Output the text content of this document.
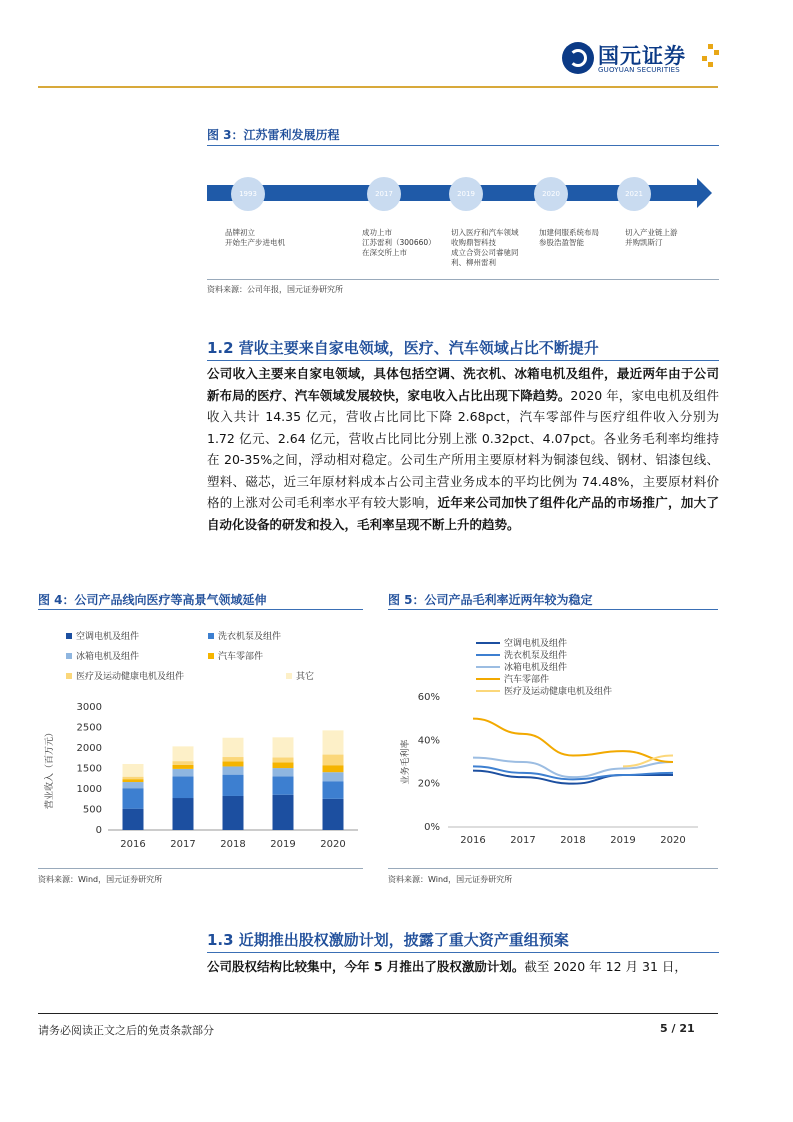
国元证券
GUOYUAN SECURITIES
图 3：江苏雷利发展历程
1993	2017	2019	2020	2021
品牌初立
开始生产步进电机
成功上市
江苏雷利（300660）
在深交所上市
切入医疗和汽车领域
收购鼎智科技
成立合资公司睿驰同
利、柳州雷利
加建伺服系统布局
参股浩盈智能
切入产业链上游
并购凯斯汀
资料来源：公司年报，国元证券研究所
1.2 营收主要来自家电领域，医疗、汽车领域占比不断提升
公司收入主要来自家电领域，具体包括空调、洗衣机、冰箱电机及组件，最近两年由于公司新布局的医疗、汽车领域发展较快，家电收入占比出现下降趋势。2020 年，家电电机及组件收入共计 14.35 亿元，营收占比同比下降 2.68pct，汽车零部件与医疗组件收入分别为 1.72 亿元、2.64 亿元，营收占比同比分别上涨 0.32pct、4.07pct。各业务毛利率均维持在 20-35%之间，浮动相对稳定。公司生产所用主要原材料为铜漆包线、钢材、铝漆包线、塑料、磁芯，近三年原材料成本占公司主营业务成本的平均比例为 74.48%，主要原材料价格的上涨对公司毛利率水平有较大影响，近年来公司加快了组件化产品的市场推广，加大了自动化设备的研发和投入，毛利率呈现不断上升的趋势。
图 4：公司产品线向医疗等高景气领域延伸
空调电机及组件	洗衣机泵及组件
冰箱电机及组件	汽车零部件
医疗及运动健康电机及组件	其它
0
500
1000
1500
2000
2500
3000
营业收入（百万元）
2016 2017 2018 2019 2020
资料来源：Wind，国元证券研究所
图 5：公司产品毛利率近两年较为稳定
空调电机及组件
洗衣机泵及组件
冰箱电机及组件
汽车零部件
医疗及运动健康电机及组件
0%
20%
40%
60%
业务毛利率
2016 2017 2018 2019 2020
资料来源：Wind，国元证券研究所
1.3 近期推出股权激励计划，披露了重大资产重组预案
公司股权结构比较集中，今年 5 月推出了股权激励计划。截至 2020 年 12 月 31 日，
请务必阅读正文之后的免责条款部分	5 / 21
